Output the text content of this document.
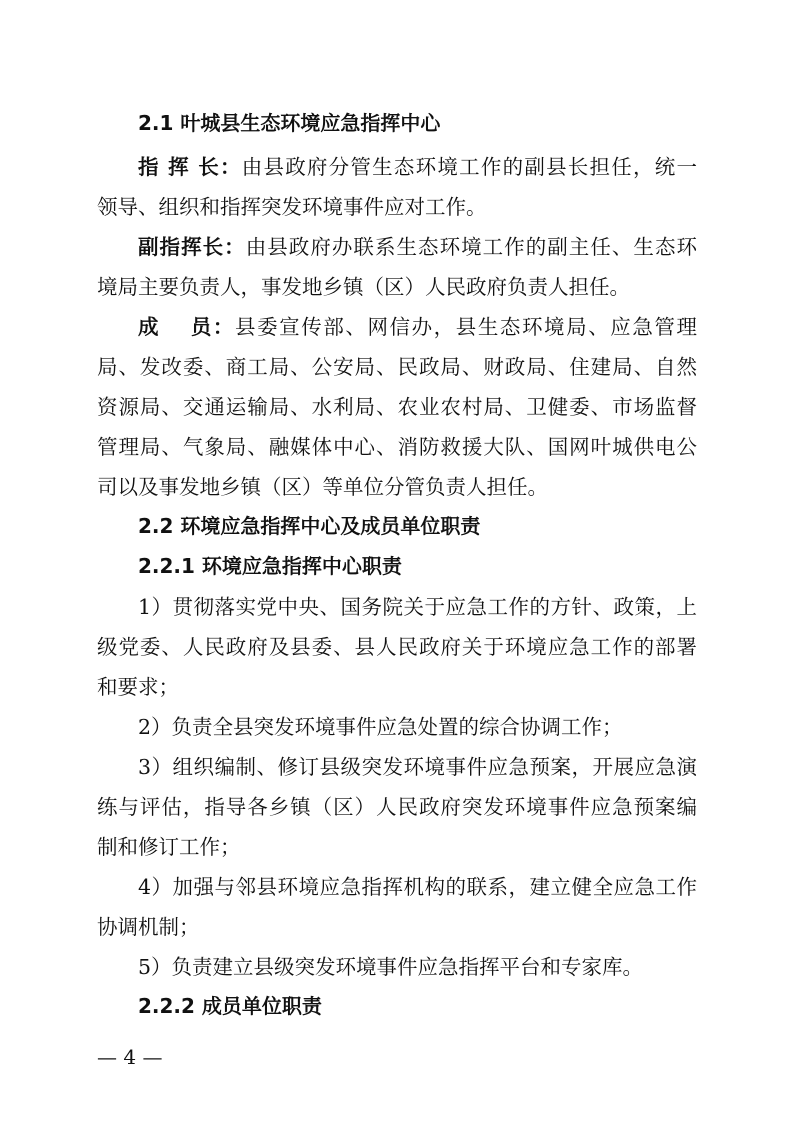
2.1 叶城县生态环境应急指挥中心
指 挥 长：由县政府分管生态环境工作的副县长担任，统一
领导、组织和指挥突发环境事件应对工作。
副指挥长：由县政府办联系生态环境工作的副主任、生态环
境局主要负责人，事发地乡镇（区）人民政府负责人担任。
成　 员：县委宣传部、网信办，县生态环境局、应急管理
局、发改委、商工局、公安局、民政局、财政局、住建局、自然
资源局、交通运输局、水利局、农业农村局、卫健委、市场监督
管理局、气象局、融媒体中心、消防救援大队、国网叶城供电公
司以及事发地乡镇（区）等单位分管负责人担任。
2.2 环境应急指挥中心及成员单位职责
2.2.1 环境应急指挥中心职责
1）贯彻落实党中央、国务院关于应急工作的方针、政策，上
级党委、人民政府及县委、县人民政府关于环境应急工作的部署
和要求；
2）负责全县突发环境事件应急处置的综合协调工作；
3）组织编制、修订县级突发环境事件应急预案，开展应急演
练与评估，指导各乡镇（区）人民政府突发环境事件应急预案编
制和修订工作；
4）加强与邻县环境应急指挥机构的联系，建立健全应急工作
协调机制；
5）负责建立县级突发环境事件应急指挥平台和专家库。
2.2.2 成员单位职责
— 4 —
